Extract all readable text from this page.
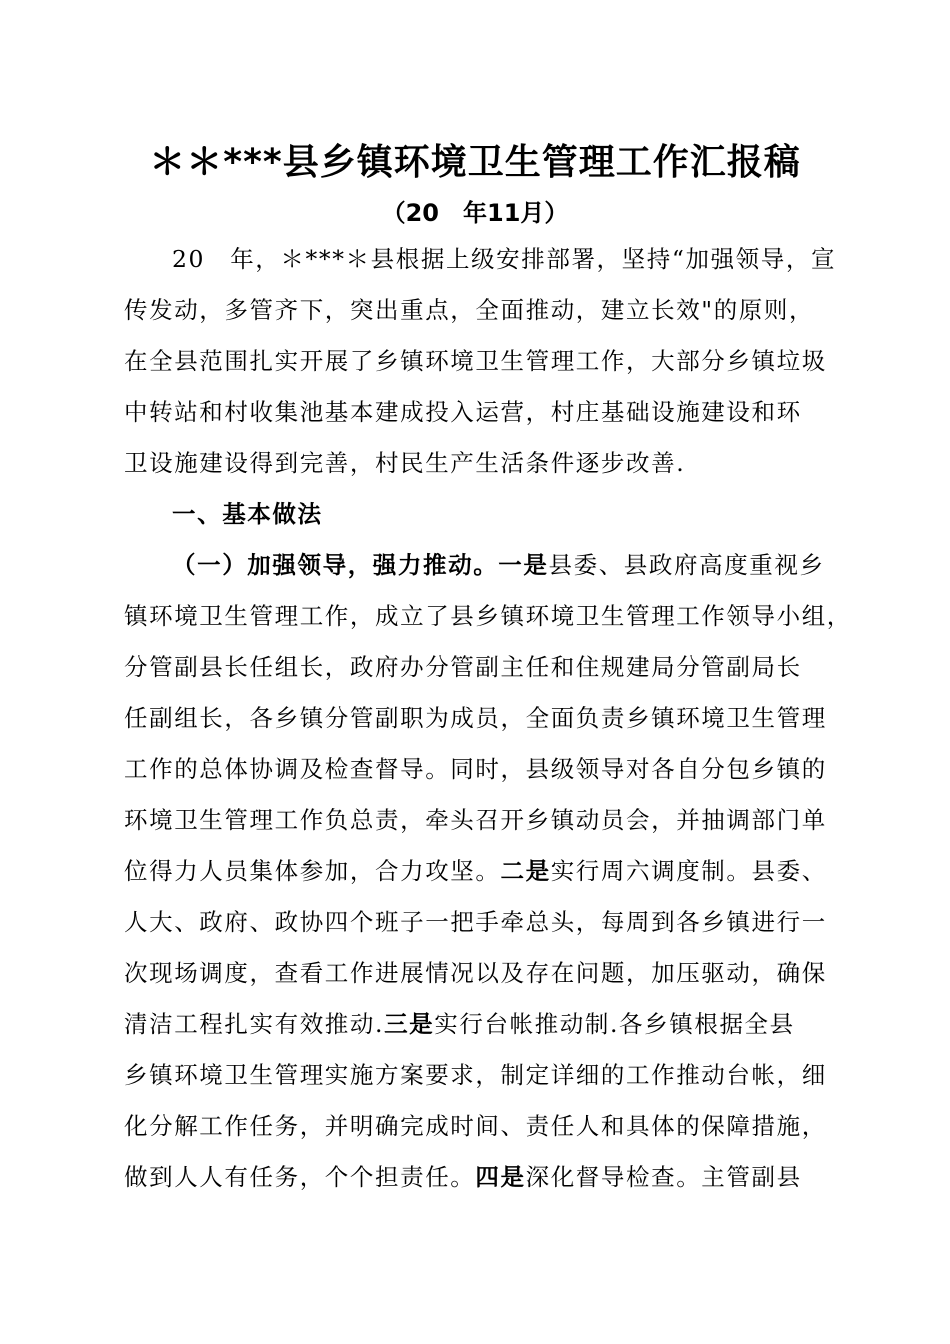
＊＊***县乡镇环境卫生管理工作汇报稿
（20　年11月）
20　年，＊***＊县根据上级安排部署，坚持“加强领导，宣
传发动，多管齐下，突出重点，全面推动，建立长效"的原则，
在全县范围扎实开展了乡镇环境卫生管理工作，大部分乡镇垃圾
中转站和村收集池基本建成投入运营，村庄基础设施建设和环
卫设施建设得到完善，村民生产生活条件逐步改善.
一、基本做法
（一）加强领导，强力推动。一是县委、县政府高度重视乡
镇环境卫生管理工作，成立了县乡镇环境卫生管理工作领导小组，
分管副县长任组长，政府办分管副主任和住规建局分管副局长
任副组长，各乡镇分管副职为成员，全面负责乡镇环境卫生管理
工作的总体协调及检查督导。同时，县级领导对各自分包乡镇的
环境卫生管理工作负总责，牵头召开乡镇动员会，并抽调部门单
位得力人员集体参加，合力攻坚。二是实行周六调度制。县委、
人大、政府、政协四个班子一把手牵总头，每周到各乡镇进行一
次现场调度，查看工作进展情况以及存在问题，加压驱动，确保
清洁工程扎实有效推动.三是实行台帐推动制.各乡镇根据全县
乡镇环境卫生管理实施方案要求，制定详细的工作推动台帐，细
化分解工作任务，并明确完成时间、责任人和具体的保障措施，
做到人人有任务，个个担责任。四是深化督导检查。主管副县
